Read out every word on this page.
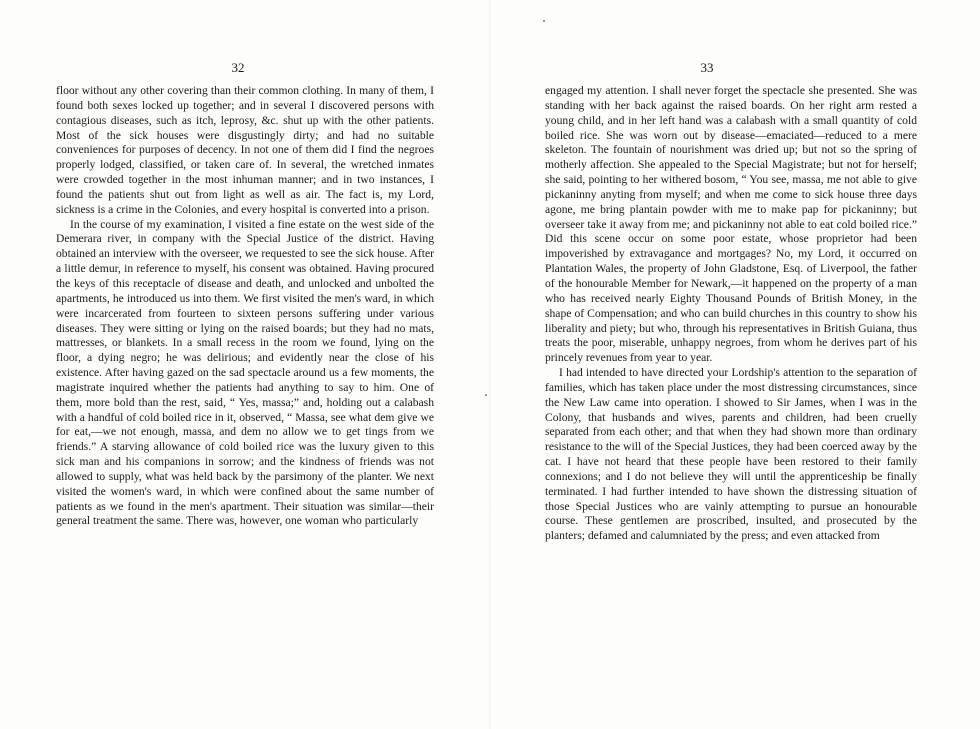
32

floor without any other covering than their common clothing. In many of them, I found both sexes locked up together; and in several I discovered persons with contagious diseases, such as itch, leprosy, &c. shut up with the other patients. Most of the sick houses were disgustingly dirty; and had no suitable conveniences for purposes of decency. In not one of them did I find the negroes properly lodged, classified, or taken care of. In several, the wretched inmates were crowded together in the most inhuman manner; and in two instances, I found the patients shut out from light as well as air. The fact is, my Lord, sickness is a crime in the Colonies, and every hospital is converted into a prison.

In the course of my examination, I visited a fine estate on the west side of the Demerara river, in company with the Special Justice of the district. Having obtained an interview with the overseer, we requested to see the sick house. After a little demur, in reference to myself, his consent was obtained. Having procured the keys of this receptacle of disease and death, and unlocked and unbolted the apartments, he introduced us into them. We first visited the men's ward, in which were incarcerated from fourteen to sixteen persons suffering under various diseases. They were sitting or lying on the raised boards; but they had no mats, mattresses, or blankets. In a small recess in the room we found, lying on the floor, a dying negro; he was delirious; and evidently near the close of his existence. After having gazed on the sad spectacle around us a few moments, the magistrate inquired whether the patients had anything to say to him. One of them, more bold than the rest, said, “ Yes, massa;” and, holding out a calabash with a handful of cold boiled rice in it, observed, “ Massa, see what dem give we for eat,—we not enough, massa, and dem no allow we to get tings from we friends.” A starving allowance of cold boiled rice was the luxury given to this sick man and his companions in sorrow; and the kindness of friends was not allowed to supply, what was held back by the parsimony of the planter. We next visited the women's ward, in which were confined about the same number of patients as we found in the men's apartment. Their situation was similar—their general treatment the same. There was, however, one woman who particularly

33

engaged my attention. I shall never forget the spectacle she presented. She was standing with her back against the raised boards. On her right arm rested a young child, and in her left hand was a calabash with a small quantity of cold boiled rice. She was worn out by disease—emaciated—reduced to a mere skeleton. The fountain of nourishment was dried up; but not so the spring of motherly affection. She appealed to the Special Magistrate; but not for herself; she said, pointing to her withered bosom, “ You see, massa, me not able to give pickaninny anyting from myself; and when me come to sick house three days agone, me bring plantain powder with me to make pap for pickaninny; but overseer take it away from me; and pickaninny not able to eat cold boiled rice.” Did this scene occur on some poor estate, whose proprietor had been impoverished by extravagance and mortgages? No, my Lord, it occurred on Plantation Wales, the property of John Gladstone, Esq. of Liverpool, the father of the honourable Member for Newark,—it happened on the property of a man who has received nearly Eighty Thousand Pounds of British Money, in the shape of Compensation; and who can build churches in this country to show his liberality and piety; but who, through his representatives in British Guiana, thus treats the poor, miserable, unhappy negroes, from whom he derives part of his princely revenues from year to year.

I had intended to have directed your Lordship's attention to the separation of families, which has taken place under the most distressing circumstances, since the New Law came into operation. I showed to Sir James, when I was in the Colony, that husbands and wives, parents and children, had been cruelly separated from each other; and that when they had shown more than ordinary resistance to the will of the Special Justices, they had been coerced away by the cat. I have not heard that these people have been restored to their family connexions; and I do not believe they will until the apprenticeship be finally terminated. I had further intended to have shown the distressing situation of those Special Justices who are vainly attempting to pursue an honourable course. These gentlemen are proscribed, insulted, and prosecuted by the planters; defamed and calumniated by the press; and even attacked from
